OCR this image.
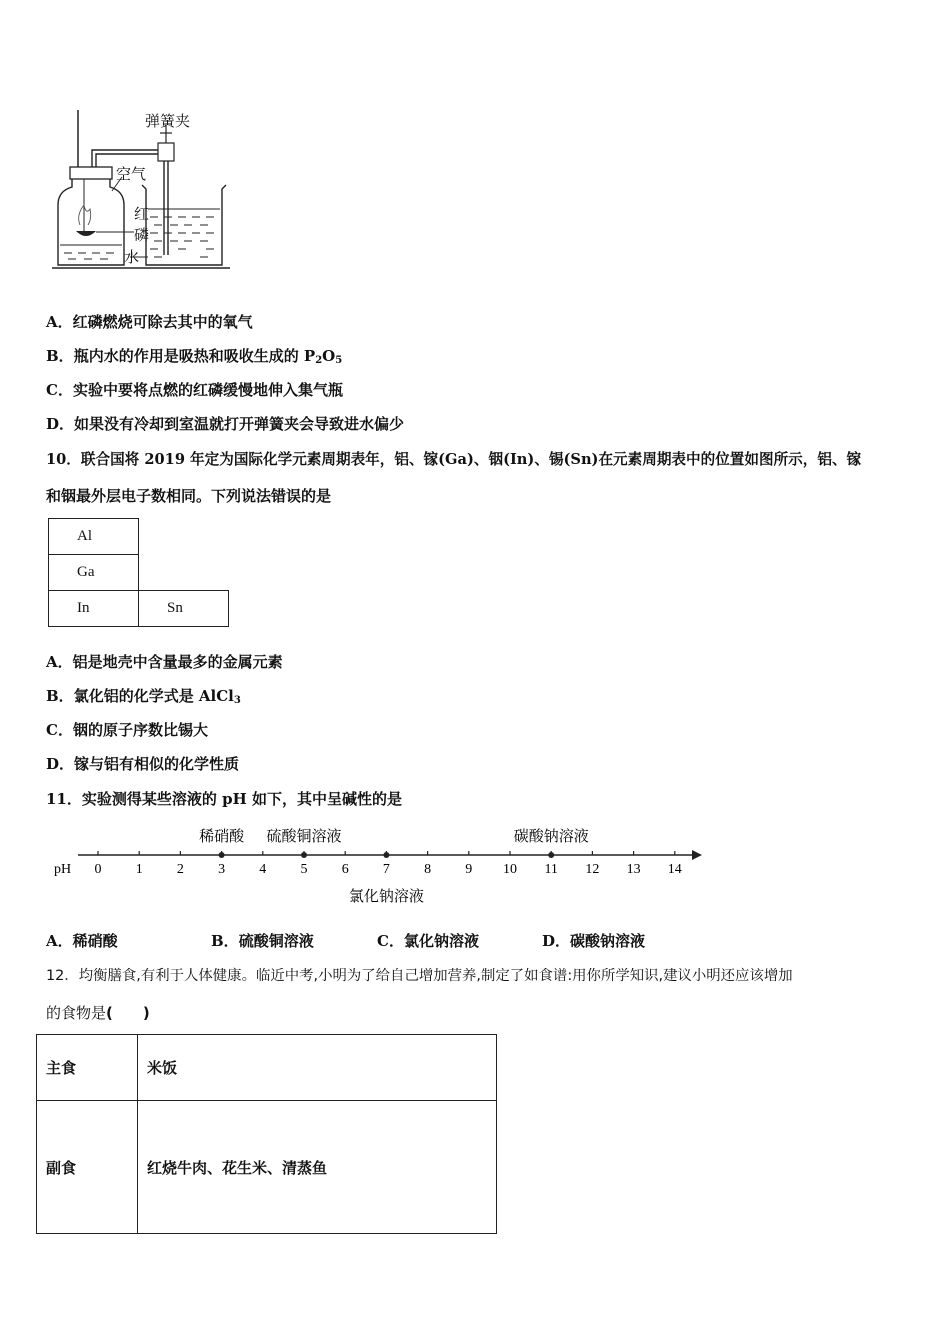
弹簧夹
空气
红
磷
水
A．红磷燃烧可除去其中的氧气
B．瓶内水的作用是吸热和吸收生成的 $P_2O_5$
C．实验中要将点燃的红磷缓慢地伸入集气瓶
D．如果没有冷却到室温就打开弹簧夹会导致进水偏少
10．联合国将 2019 年定为国际化学元素周期表年，铝、镓(Ga)、铟(In)、锡(Sn)在元素周期表中的位置如图所示，铝、镓
和铟最外层电子数相同。下列说法错误的是
Al	
Ga	
In	Sn
A．铝是地壳中含量最多的金属元素
B．氯化铝的化学式是 AlCl$_3$
C．铟的原子序数比锡大
D．镓与铝有相似的化学性质
11．实验测得某些溶液的 pH 如下，其中呈碱性的是
pH 0 1 2 3 4 5 6 7 8 9 10 11 12 13 14
稀硝酸 硫酸铜溶液
氯化钠溶液
碳酸钠溶液
A．稀硝酸	B．硫酸铜溶液	C．氯化钠溶液	D．碳酸钠溶液
12．均衡膳食,有利于人体健康。临近中考,小明为了给自己增加营养,制定了如食谱:用你所学知识,建议小明还应该增加
的食物是(　　)
主食	米饭
副食	红烧牛肉、花生米、清蒸鱼
